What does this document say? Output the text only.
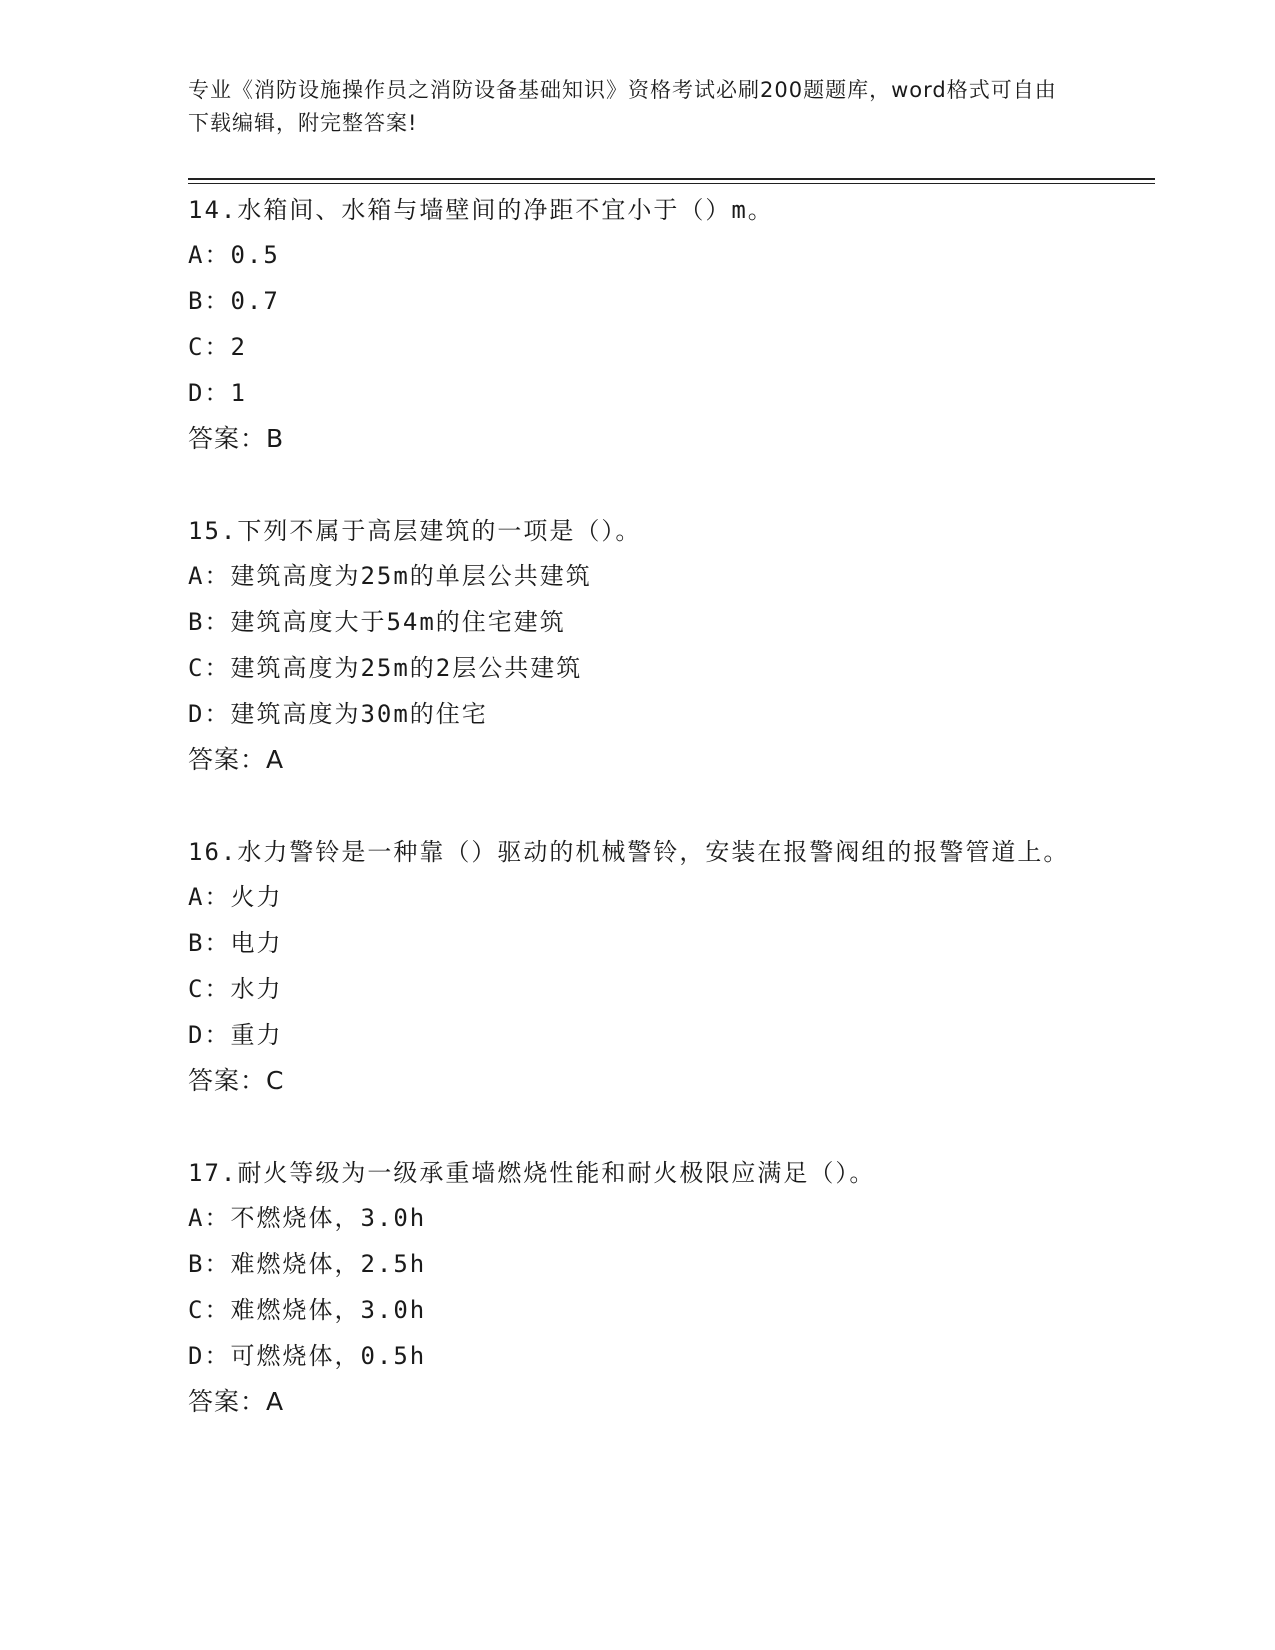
专业《消防设施操作员之消防设备基础知识》资格考试必刷200题题库，word格式可自由下载编辑，附完整答案!
14.水箱间、水箱与墙壁间的净距不宜小于（）m。
A：0.5
B：0.7
C：2
D：1
答案：B
15.下列不属于高层建筑的一项是（）。
A：建筑高度为25m的单层公共建筑
B：建筑高度大于54m的住宅建筑
C：建筑高度为25m的2层公共建筑
D：建筑高度为30m的住宅
答案：A
16.水力警铃是一种靠（）驱动的机械警铃，安装在报警阀组的报警管道上。
A：火力
B：电力
C：水力
D：重力
答案：C
17.耐火等级为一级承重墙燃烧性能和耐火极限应满足（）。
A：不燃烧体，3.0h
B：难燃烧体，2.5h
C：难燃烧体，3.0h
D：可燃烧体，0.5h
答案：A
